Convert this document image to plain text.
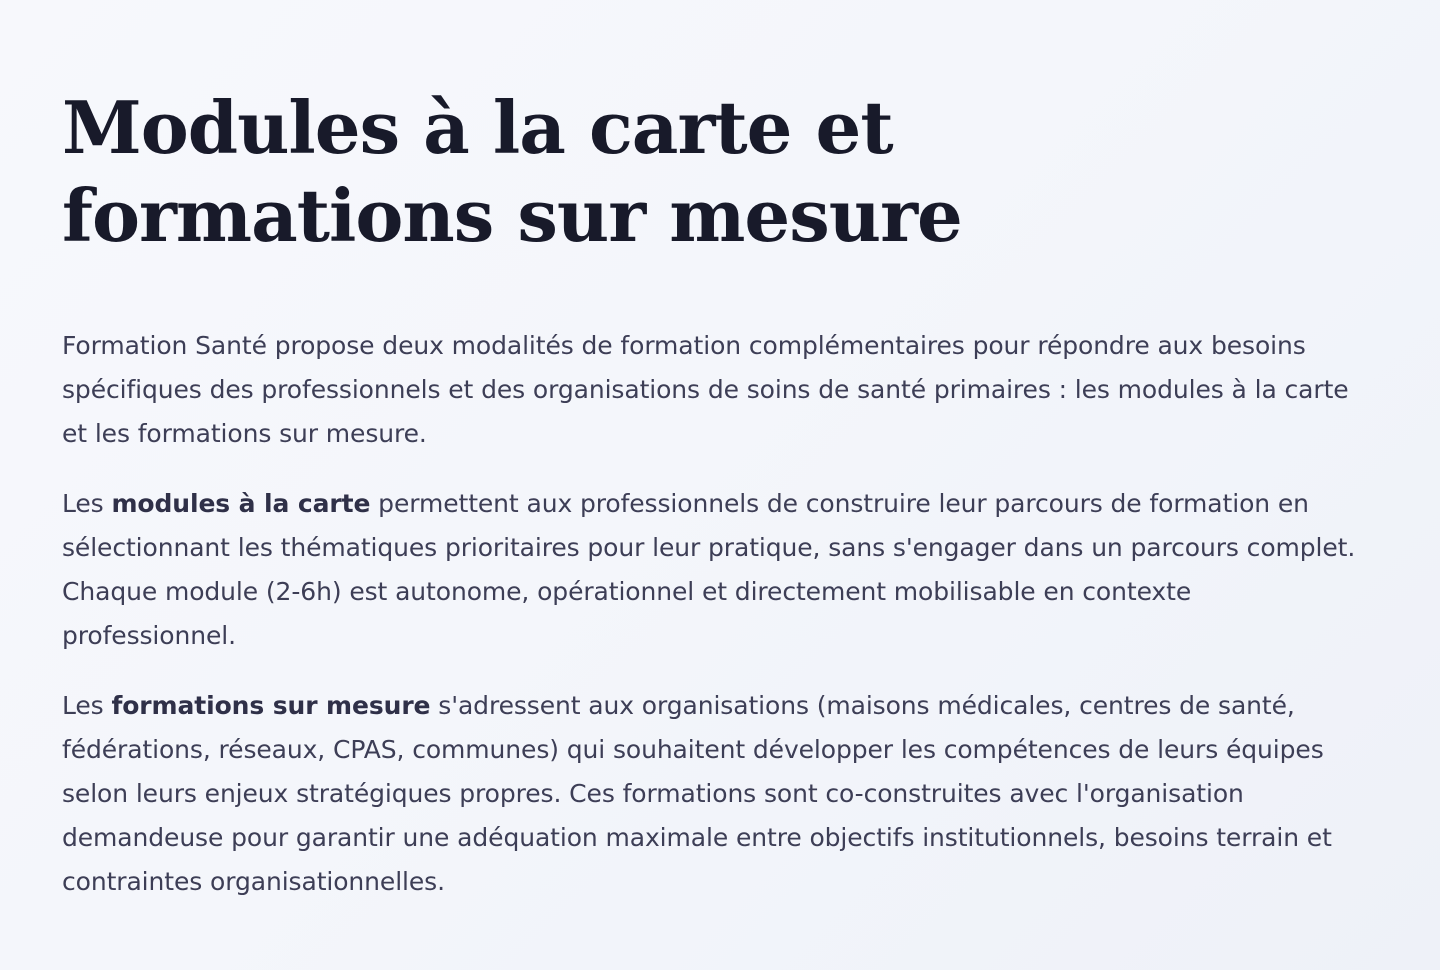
Modules à la carte et
formations sur mesure

Formation Santé propose deux modalités de formation complémentaires pour répondre aux besoins spécifiques des professionnels et des organisations de soins de santé primaires : les modules à la carte et les formations sur mesure.

Les modules à la carte permettent aux professionnels de construire leur parcours de formation en sélectionnant les thématiques prioritaires pour leur pratique, sans s'engager dans un parcours complet. Chaque module (2-6h) est autonome, opérationnel et directement mobilisable en contexte professionnel.

Les formations sur mesure s'adressent aux organisations (maisons médicales, centres de santé, fédérations, réseaux, CPAS, communes) qui souhaitent développer les compétences de leurs équipes selon leurs enjeux stratégiques propres. Ces formations sont co-construites avec l'organisation demandeuse pour garantir une adéquation maximale entre objectifs institutionnels, besoins terrain et contraintes organisationnelles.
